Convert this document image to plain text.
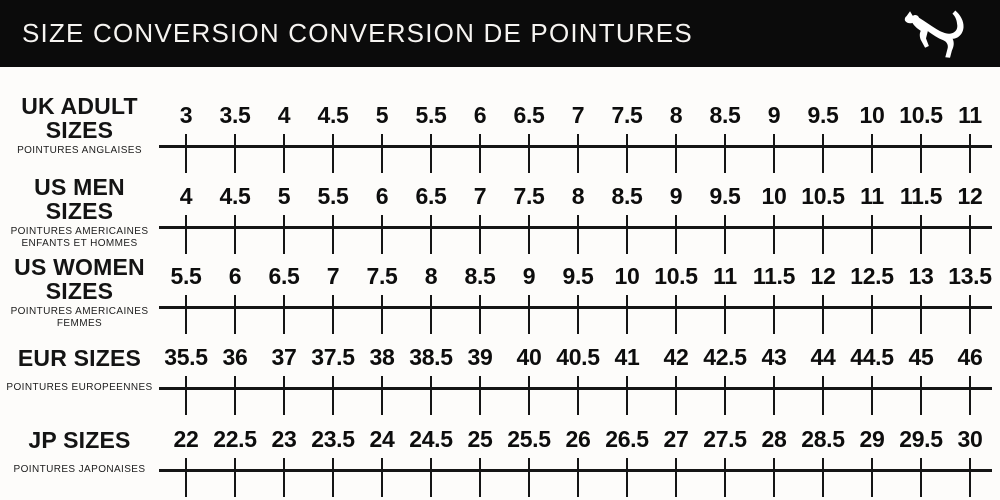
SIZE CONVERSION CONVERSION DE POINTURES
UK ADULT
SIZES
POINTURES ANGLAISES
3	3.5	4	4.5	5	5.5	6	6.5	7	7.5	8	8.5	9	9.5 10 10.5 11
US MEN
SIZES
POINTURES AMERICAINES
ENFANTS ET HOMMES
4	4.5	5	5.5	6	6.5	7	7.5	8	8.5	9	9.5 10 10.5 11 11.5 12
US WOMEN
SIZES
POINTURES AMERICAINES
FEMMES
5.5	6	6.5	7	7.5	8	8.5	9	9.5 10 10.5 11 11.5 12 12.5 13 13.5
EUR SIZES
POINTURES EUROPEENNES
35.5 36	37 37.5 38 38.5 39	40 40.5 41	42 42.5 43	44 44.5 45	46
JP SIZES
POINTURES JAPONAISES
22 22.5 23 23.5 24 24.5 25 25.5 26 26.5 27 27.5 28 28.5 29 29.5 30
